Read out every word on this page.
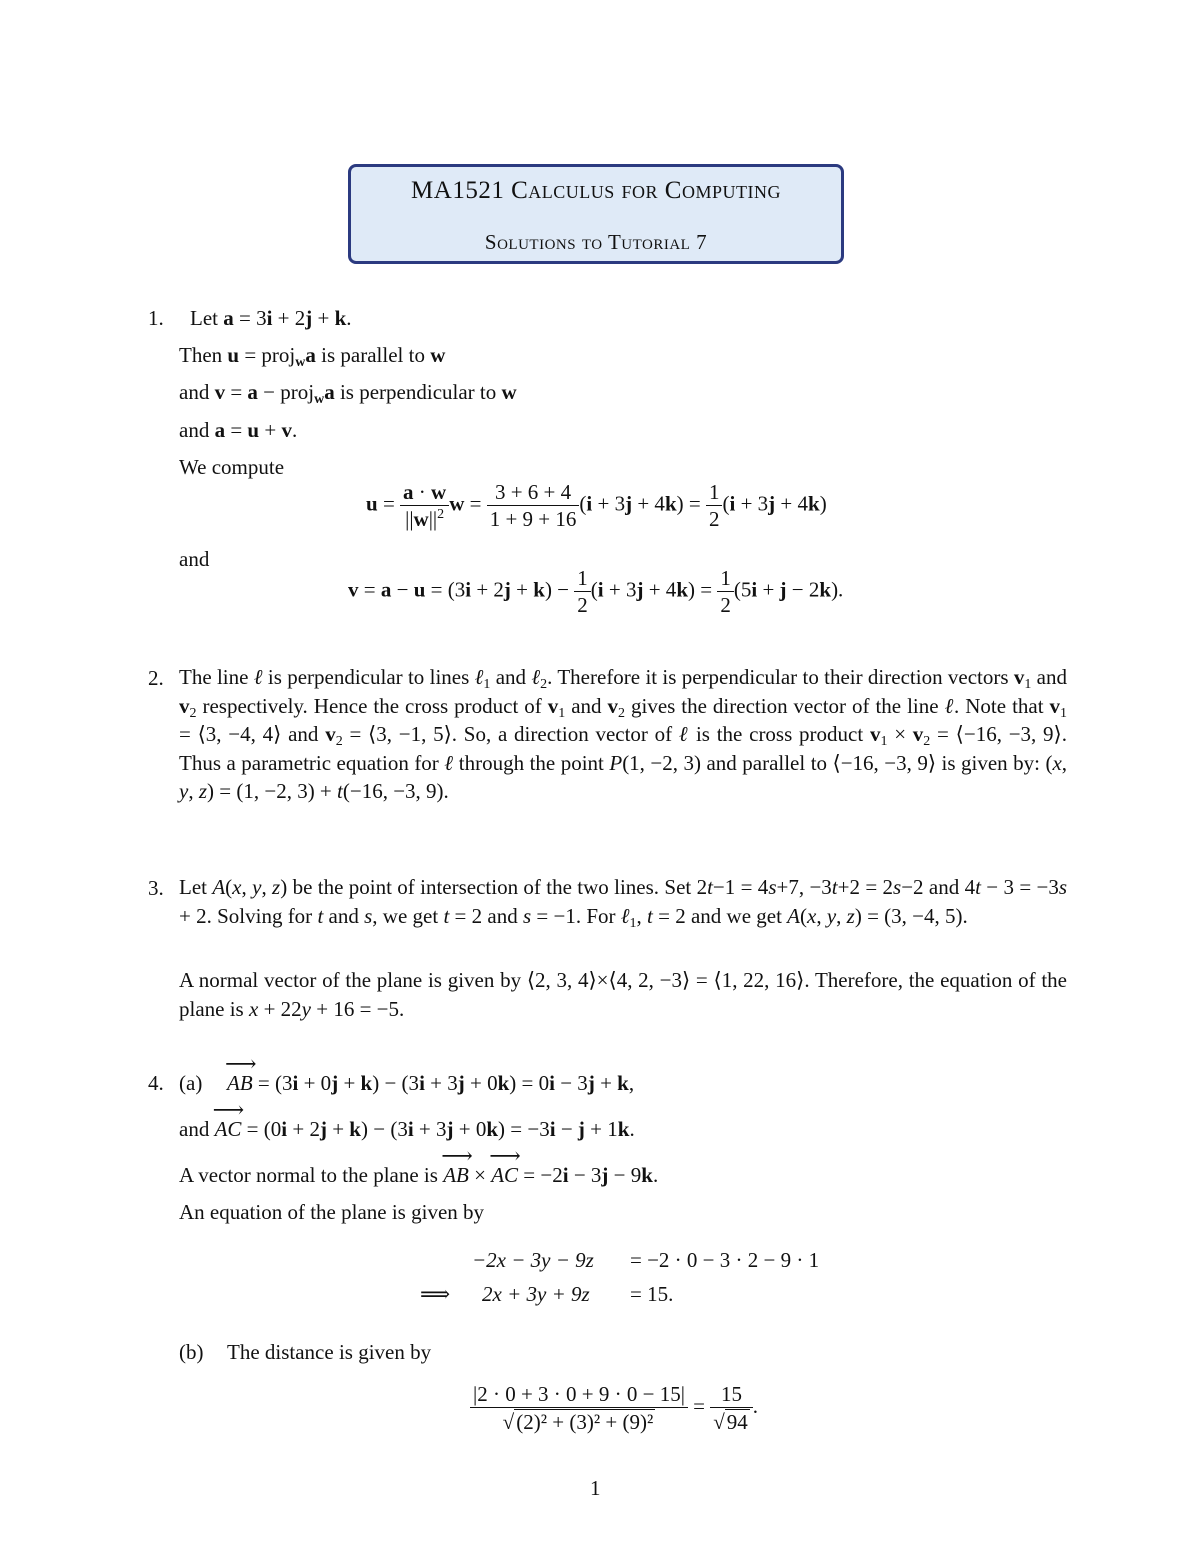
MA1521 Calculus for Computing
Solutions to Tutorial 7
1. Let a = 3i + 2j + k.
Then u = proj$_w$a is parallel to w
and v = a − proj$_w$a is perpendicular to w
and a = u + v.
We compute
$u = \frac{a \cdot w}{||w||^2}$ $w = \frac{3 + 6 + 4}{1 + 9 + 16} (i + 3j + 4k) = \frac{1}{2} (i + 3j + 4k)$
and
$v = a - u = (3i + 2j + k) - \frac{1}{2} (i + 3j + 4k) = \frac{1}{2} (5i + j - 2k)$.
2. The line ℓ is perpendicular to lines ℓ$_1$ and ℓ$_2$. Therefore it is perpendicular to their direction vectors $v_1$ and $v_2$ respectively. Hence the cross product of $v_1$ and $v_2$ gives the direction vector of the line ℓ. Note that $v_1$ = ⟨3, −4, 4⟩ and $v_2$ = ⟨3, −1, 5⟩. So, a direction vector of ℓ is the cross product $v_1 \times v_2$ = ⟨−16, −3, 9⟩. Thus a parametric equation for ℓ through the point P(1, −2, 3) and parallel to ⟨−16, −3, 9⟩ is given by: (x, y, z) = (1, −2, 3) + t(−16, −3, 9).
3. Let A(x, y, z) be the point of intersection of the two lines. Set 2t−1 = 4s+7, −3t+2 = 2s−2 and 4t − 3 = −3s + 2. Solving for t and s, we get t = 2 and s = −1. For ℓ$_1$, t = 2 and we get A(x, y, z) = (3, −4, 5).
A normal vector of the plane is given by ⟨2, 3, 4⟩×⟨4, 2, −3⟩ = ⟨1, 22, 16⟩. Therefore, the equation of the plane is x + 22y + 16 = −5.
4. (a)
⟶ AB = (3i + 0j + k) − (3i + 3j + 0k) = 0i − 3j + k,
and ⟶ AC = (0i + 2j + k) − (3i + 3j + 0k) = −3i − j + 1k.
A vector normal to the plane is ⟶ AB × ⟶ AC = −2i − 3j − 9k.
An equation of the plane is given by
−2x − 3y − 9z = −2 · 0 − 3 · 2 − 9 · 1
⟹ 2x + 3y + 9z = 15.
(b) The distance is given by
$\frac{|2 \cdot 0 + 3 \cdot 0 + 9 \cdot 0 - 15|}{\text{√(2)² + (3)² + (9)²}} = \frac{15}{√94}$ .
1
